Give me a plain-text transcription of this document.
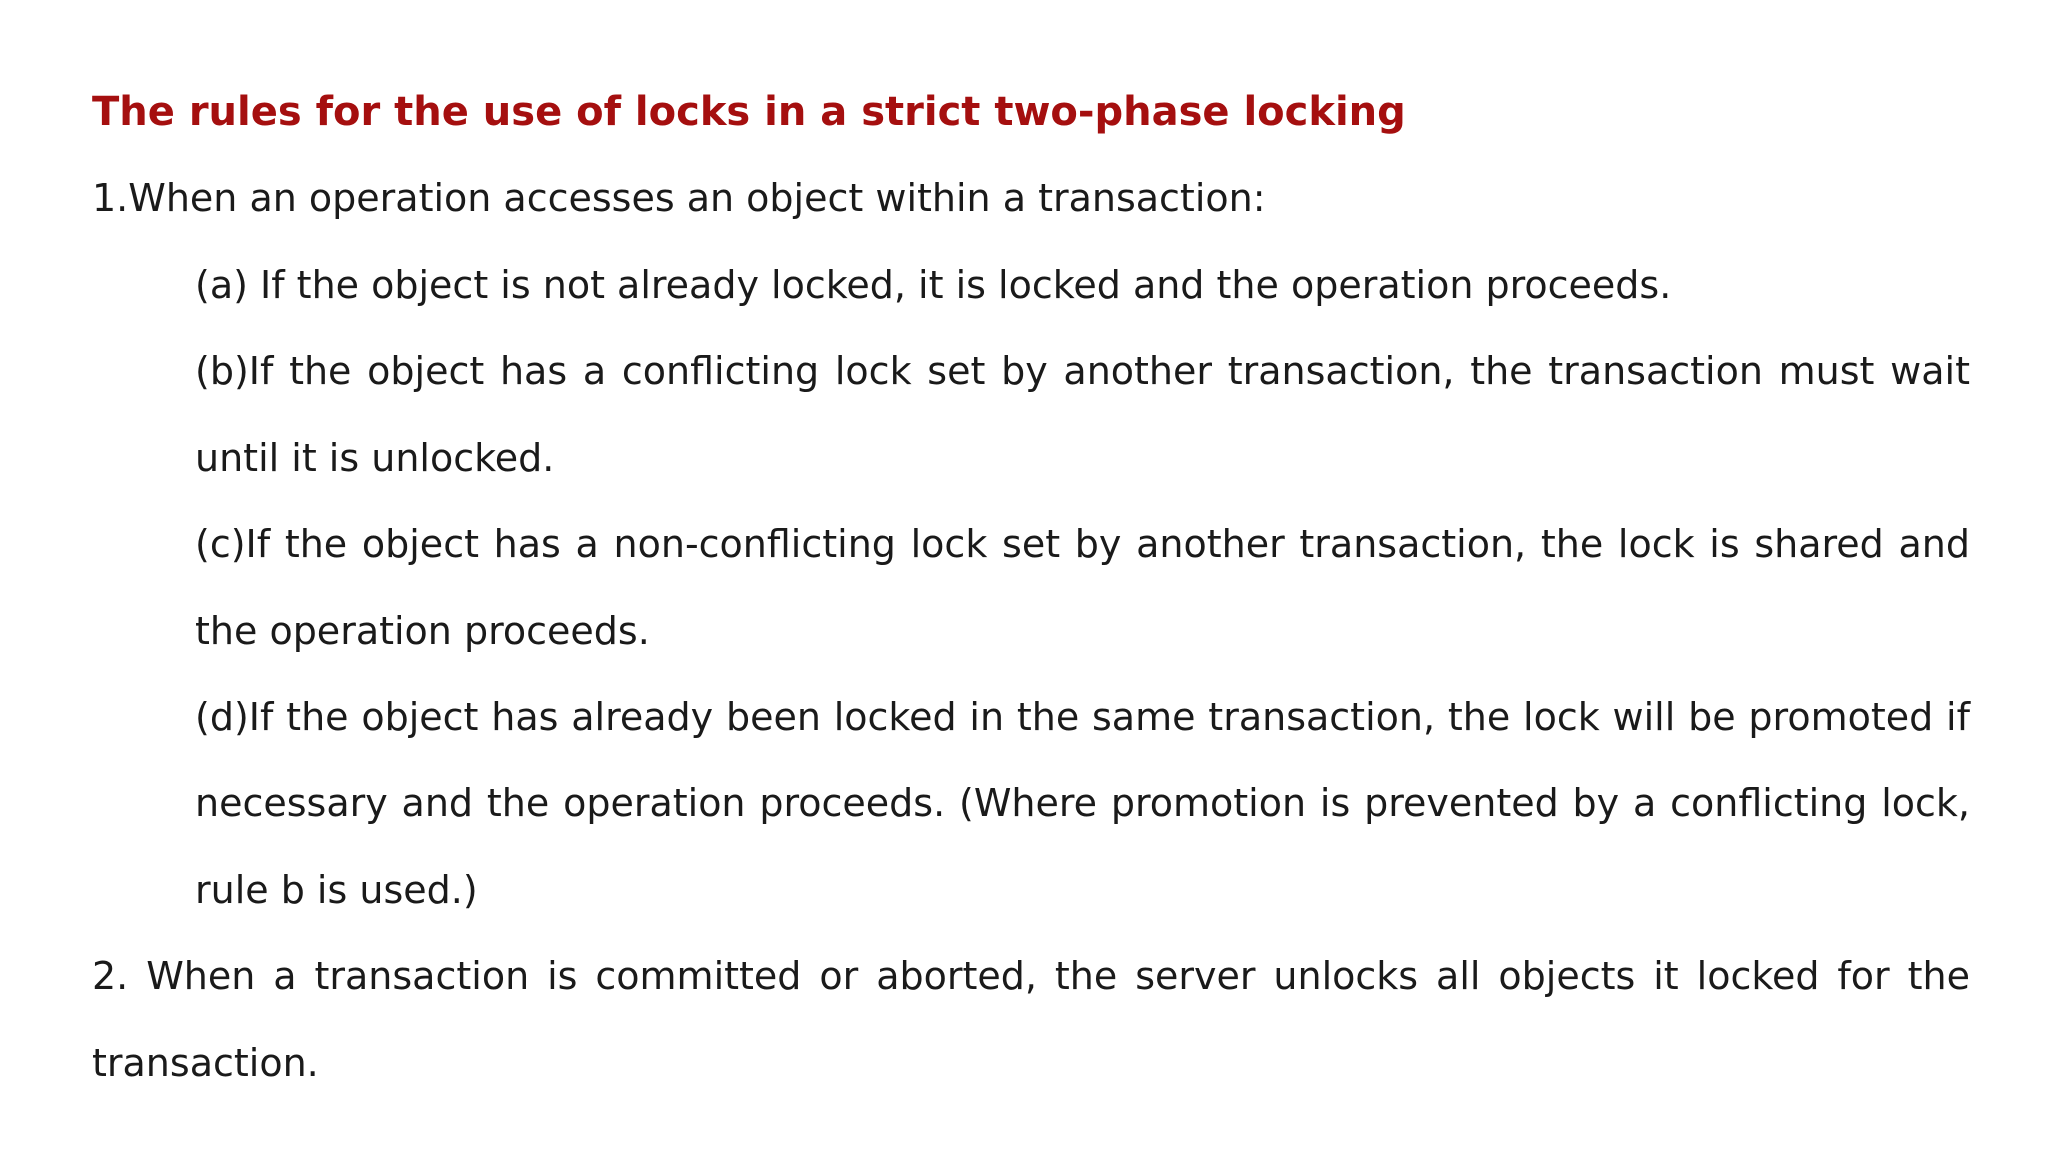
The rules for the use of locks in a strict two-phase locking
1.When an operation accesses an object within a transaction:
(a) If the object is not already locked, it is locked and the operation proceeds.
(b)If the object has a conflicting lock set by another transaction, the transaction must wait
until it is unlocked.
(c)If the object has a non-conflicting lock set by another transaction, the lock is shared and
the operation proceeds.
(d)If the object has already been locked in the same transaction, the lock will be promoted if
necessary and the operation proceeds. (Where promotion is prevented by a conflicting lock,
rule b is used.)
2. When a transaction is committed or aborted, the server unlocks all objects it locked for the
transaction.
